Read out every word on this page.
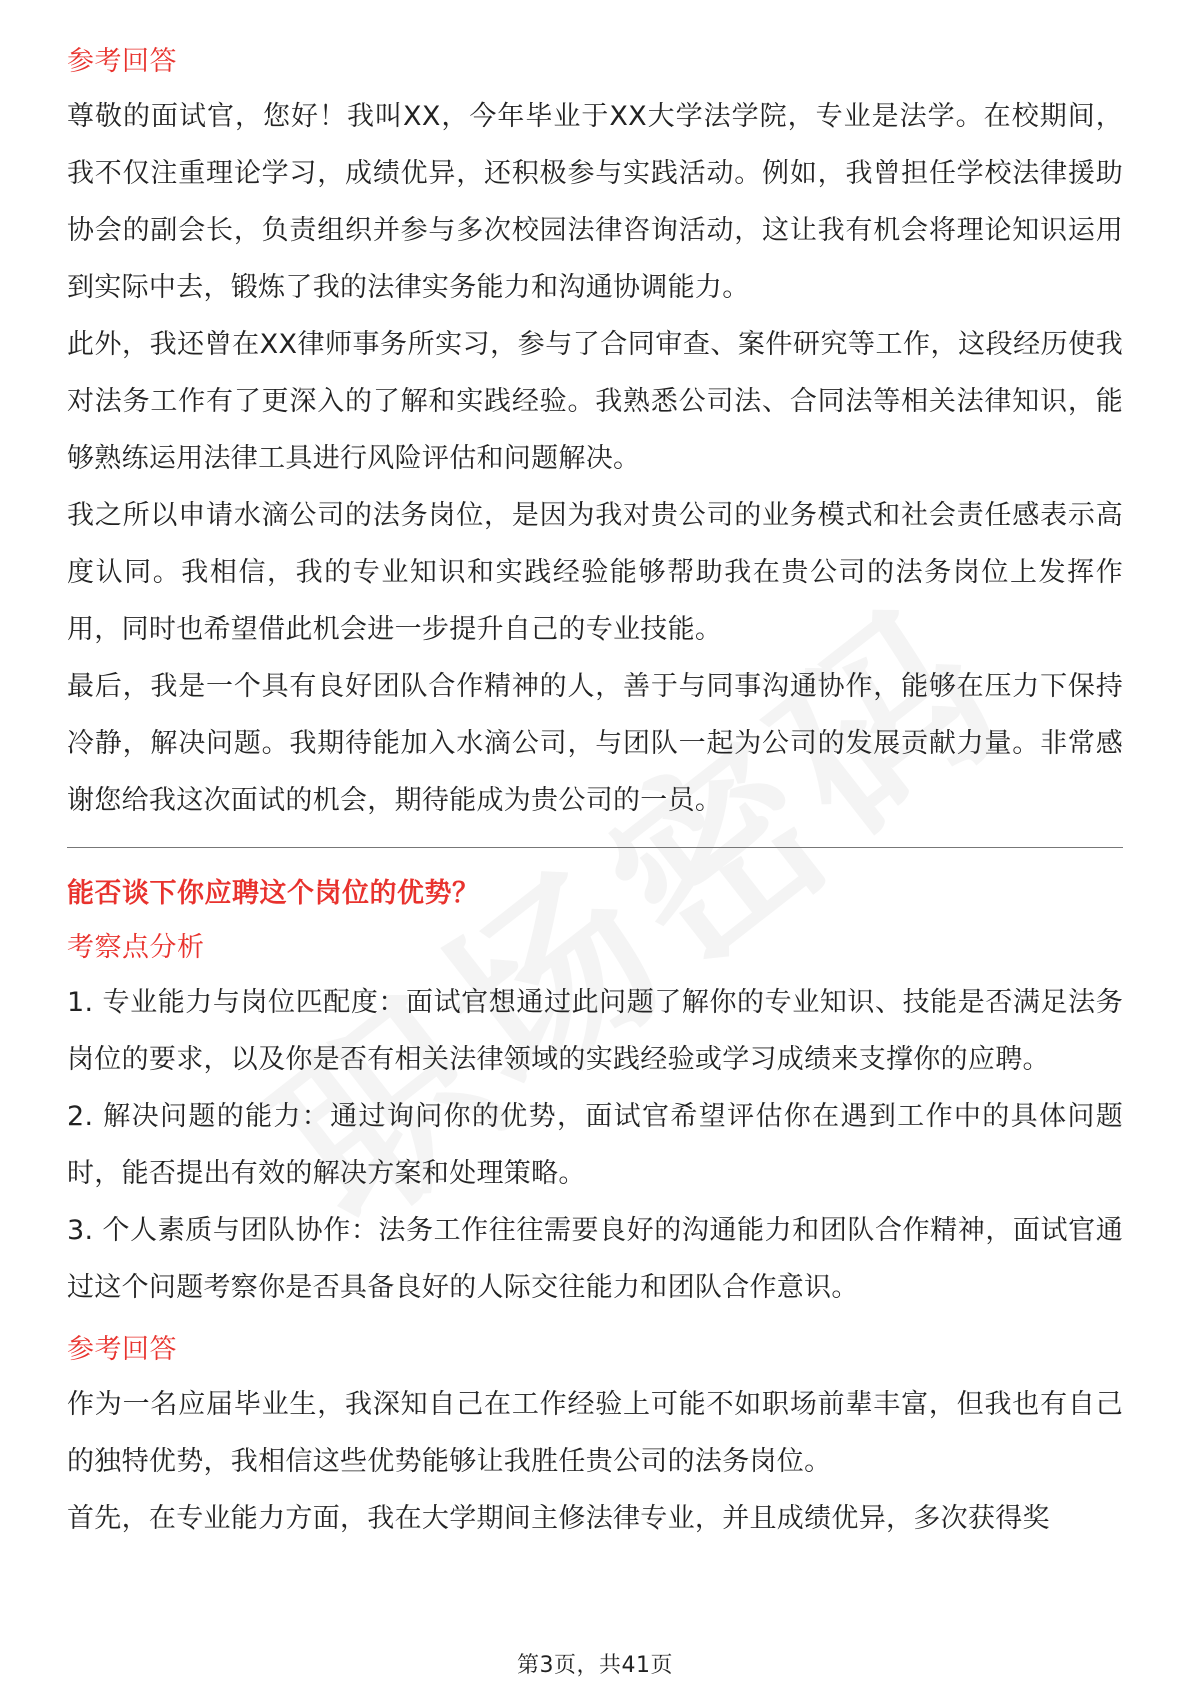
参考回答

尊敬的面试官，您好！我叫XX，今年毕业于XX大学法学院，专业是法学。在校期间，我不仅注重理论学习，成绩优异，还积极参与实践活动。例如，我曾担任学校法律援助协会的副会长，负责组织并参与多次校园法律咨询活动，这让我有机会将理论知识运用到实际中去，锻炼了我的法律实务能力和沟通协调能力。

此外，我还曾在XX律师事务所实习，参与了合同审查、案件研究等工作，这段经历使我对法务工作有了更深入的了解和实践经验。我熟悉公司法、合同法等相关法律知识，能够熟练运用法律工具进行风险评估和问题解决。

我之所以申请水滴公司的法务岗位，是因为我对贵公司的业务模式和社会责任感表示高度认同。我相信，我的专业知识和实践经验能够帮助我在贵公司的法务岗位上发挥作用，同时也希望借此机会进一步提升自己的专业技能。

最后，我是一个具有良好团队合作精神的人，善于与同事沟通协作，能够在压力下保持冷静，解决问题。我期待能加入水滴公司，与团队一起为公司的发展贡献力量。非常感谢您给我这次面试的机会，期待能成为贵公司的一员。

能否谈下你应聘这个岗位的优势？
考察点分析

1. 专业能力与岗位匹配度：面试官想通过此问题了解你的专业知识、技能是否满足法务岗位的要求，以及你是否有相关法律领域的实践经验或学习成绩来支撑你的应聘。

2. 解决问题的能力：通过询问你的优势，面试官希望评估你在遇到工作中的具体问题时，能否提出有效的解决方案和处理策略。

3. 个人素质与团队协作：法务工作往往需要良好的沟通能力和团队合作精神，面试官通过这个问题考察你是否具备良好的人际交往能力和团队合作意识。

参考回答

作为一名应届毕业生，我深知自己在工作经验上可能不如职场前辈丰富，但我也有自己的独特优势，我相信这些优势能够让我胜任贵公司的法务岗位。

首先，在专业能力方面，我在大学期间主修法律专业，并且成绩优异，多次获得奖

第3页，共41页
